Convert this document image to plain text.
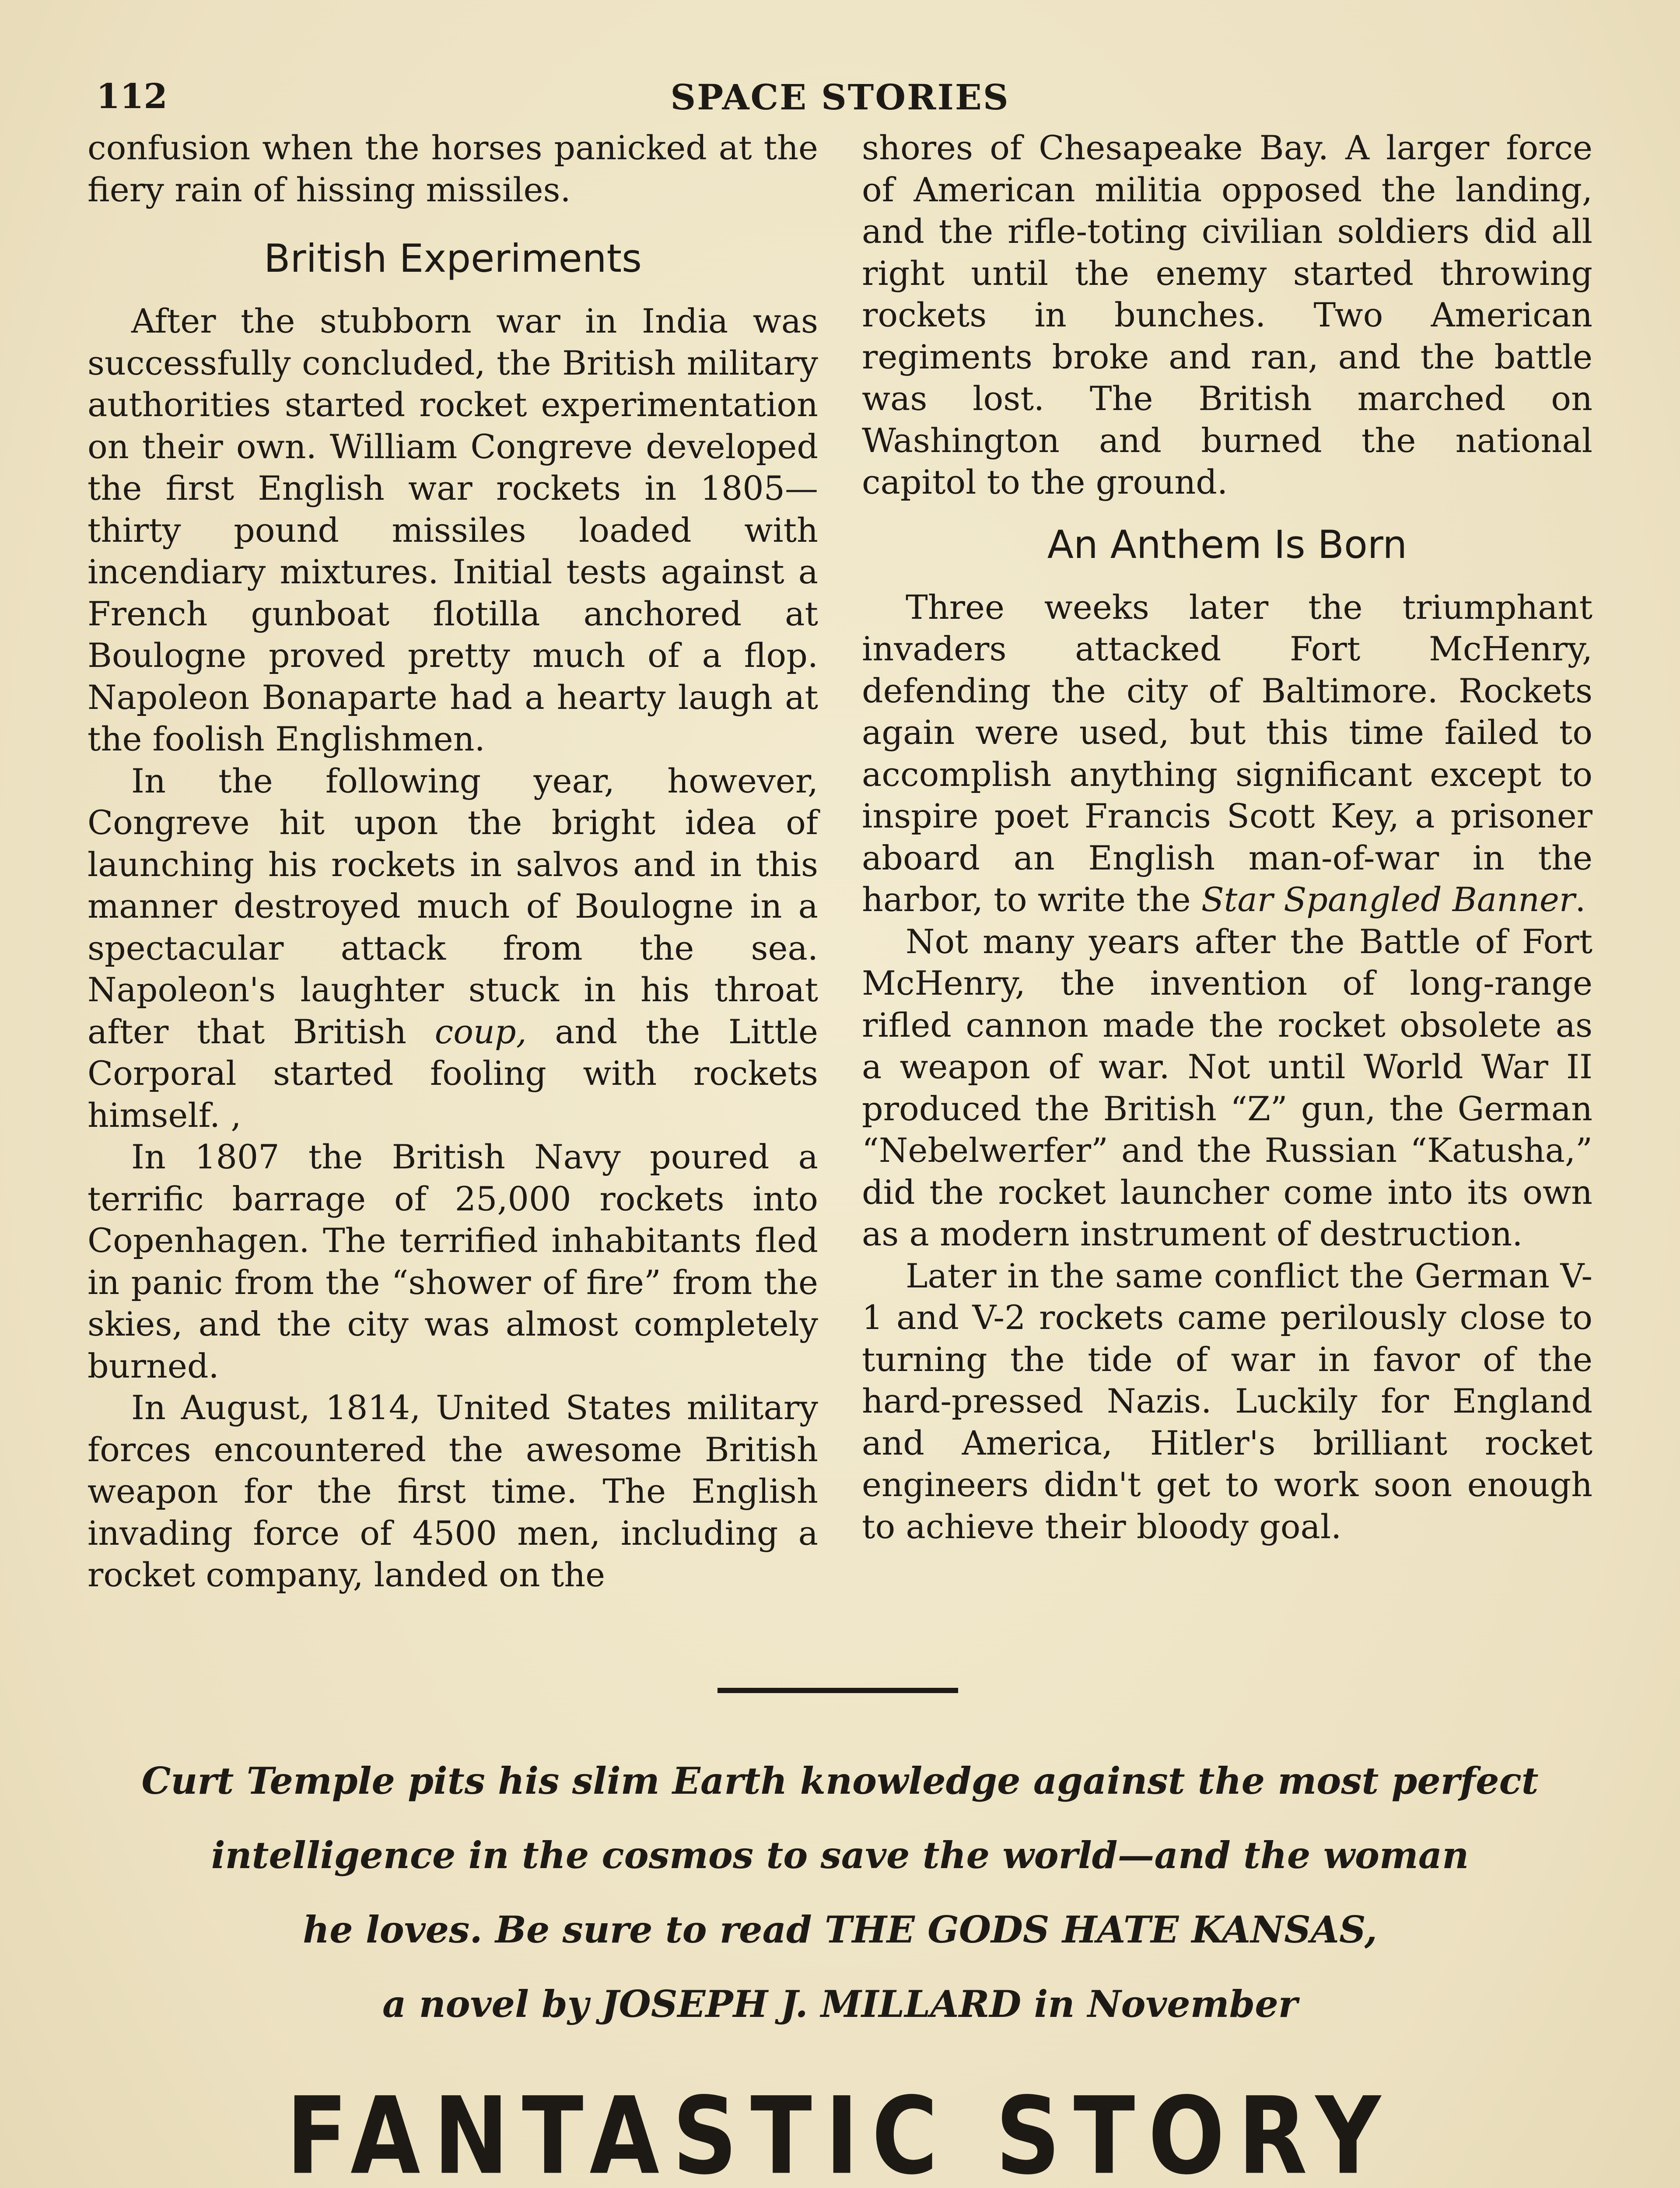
112	SPACE STORIES

confusion when the horses panicked at the fiery rain of hissing missiles.

British Experiments

After the stubborn war in India was successfully concluded, the British military authorities started rocket experimentation on their own. William Congreve developed the first English war rockets in 1805—thirty pound missiles loaded with incendiary mixtures. Initial tests against a French gunboat flotilla anchored at Boulogne proved pretty much of a flop. Napoleon Bonaparte had a hearty laugh at the foolish Englishmen.

In the following year, however, Congreve hit upon the bright idea of launching his rockets in salvos and in this manner destroyed much of Boulogne in a spectacular attack from the sea. Napoleon's laughter stuck in his throat after that British coup, and the Little Corporal started fooling with rockets himself. ,

In 1807 the British Navy poured a terrific barrage of 25,000 rockets into Copenhagen. The terrified inhabitants fled in panic from the “shower of fire” from the skies, and the city was almost completely burned.

In August, 1814, United States military forces encountered the awesome British weapon for the first time. The English invading force of 4500 men, including a rocket company, landed on the

shores of Chesapeake Bay. A larger force of American militia opposed the landing, and the rifle-toting civilian soldiers did all right until the enemy started throwing rockets in bunches. Two American regiments broke and ran, and the battle was lost. The British marched on Washington and burned the national capitol to the ground.

An Anthem Is Born

Three weeks later the triumphant invaders attacked Fort McHenry, defending the city of Baltimore. Rockets again were used, but this time failed to accomplish anything significant except to inspire poet Francis Scott Key, a prisoner aboard an English man-of-war in the harbor, to write the Star Spangled Banner.

Not many years after the Battle of Fort McHenry, the invention of long-range rifled cannon made the rocket obsolete as a weapon of war. Not until World War II produced the British “Z” gun, the German “Nebelwerfer” and the Russian “Katusha,” did the rocket launcher come into its own as a modern instrument of destruction.

Later in the same conflict the German V-1 and V-2 rockets came perilously close to turning the tide of war in favor of the hard-pressed Nazis. Luckily for England and America, Hitler's brilliant rocket engineers didn't get to work soon enough to achieve their bloody goal.

Curt Temple pits his slim Earth knowledge against the most perfect
intelligence in the cosmos to save the world—and the woman
he loves. Be sure to read THE GODS HATE KANSAS,
a novel by JOSEPH J. MILLARD in November
FANTASTIC STORY
